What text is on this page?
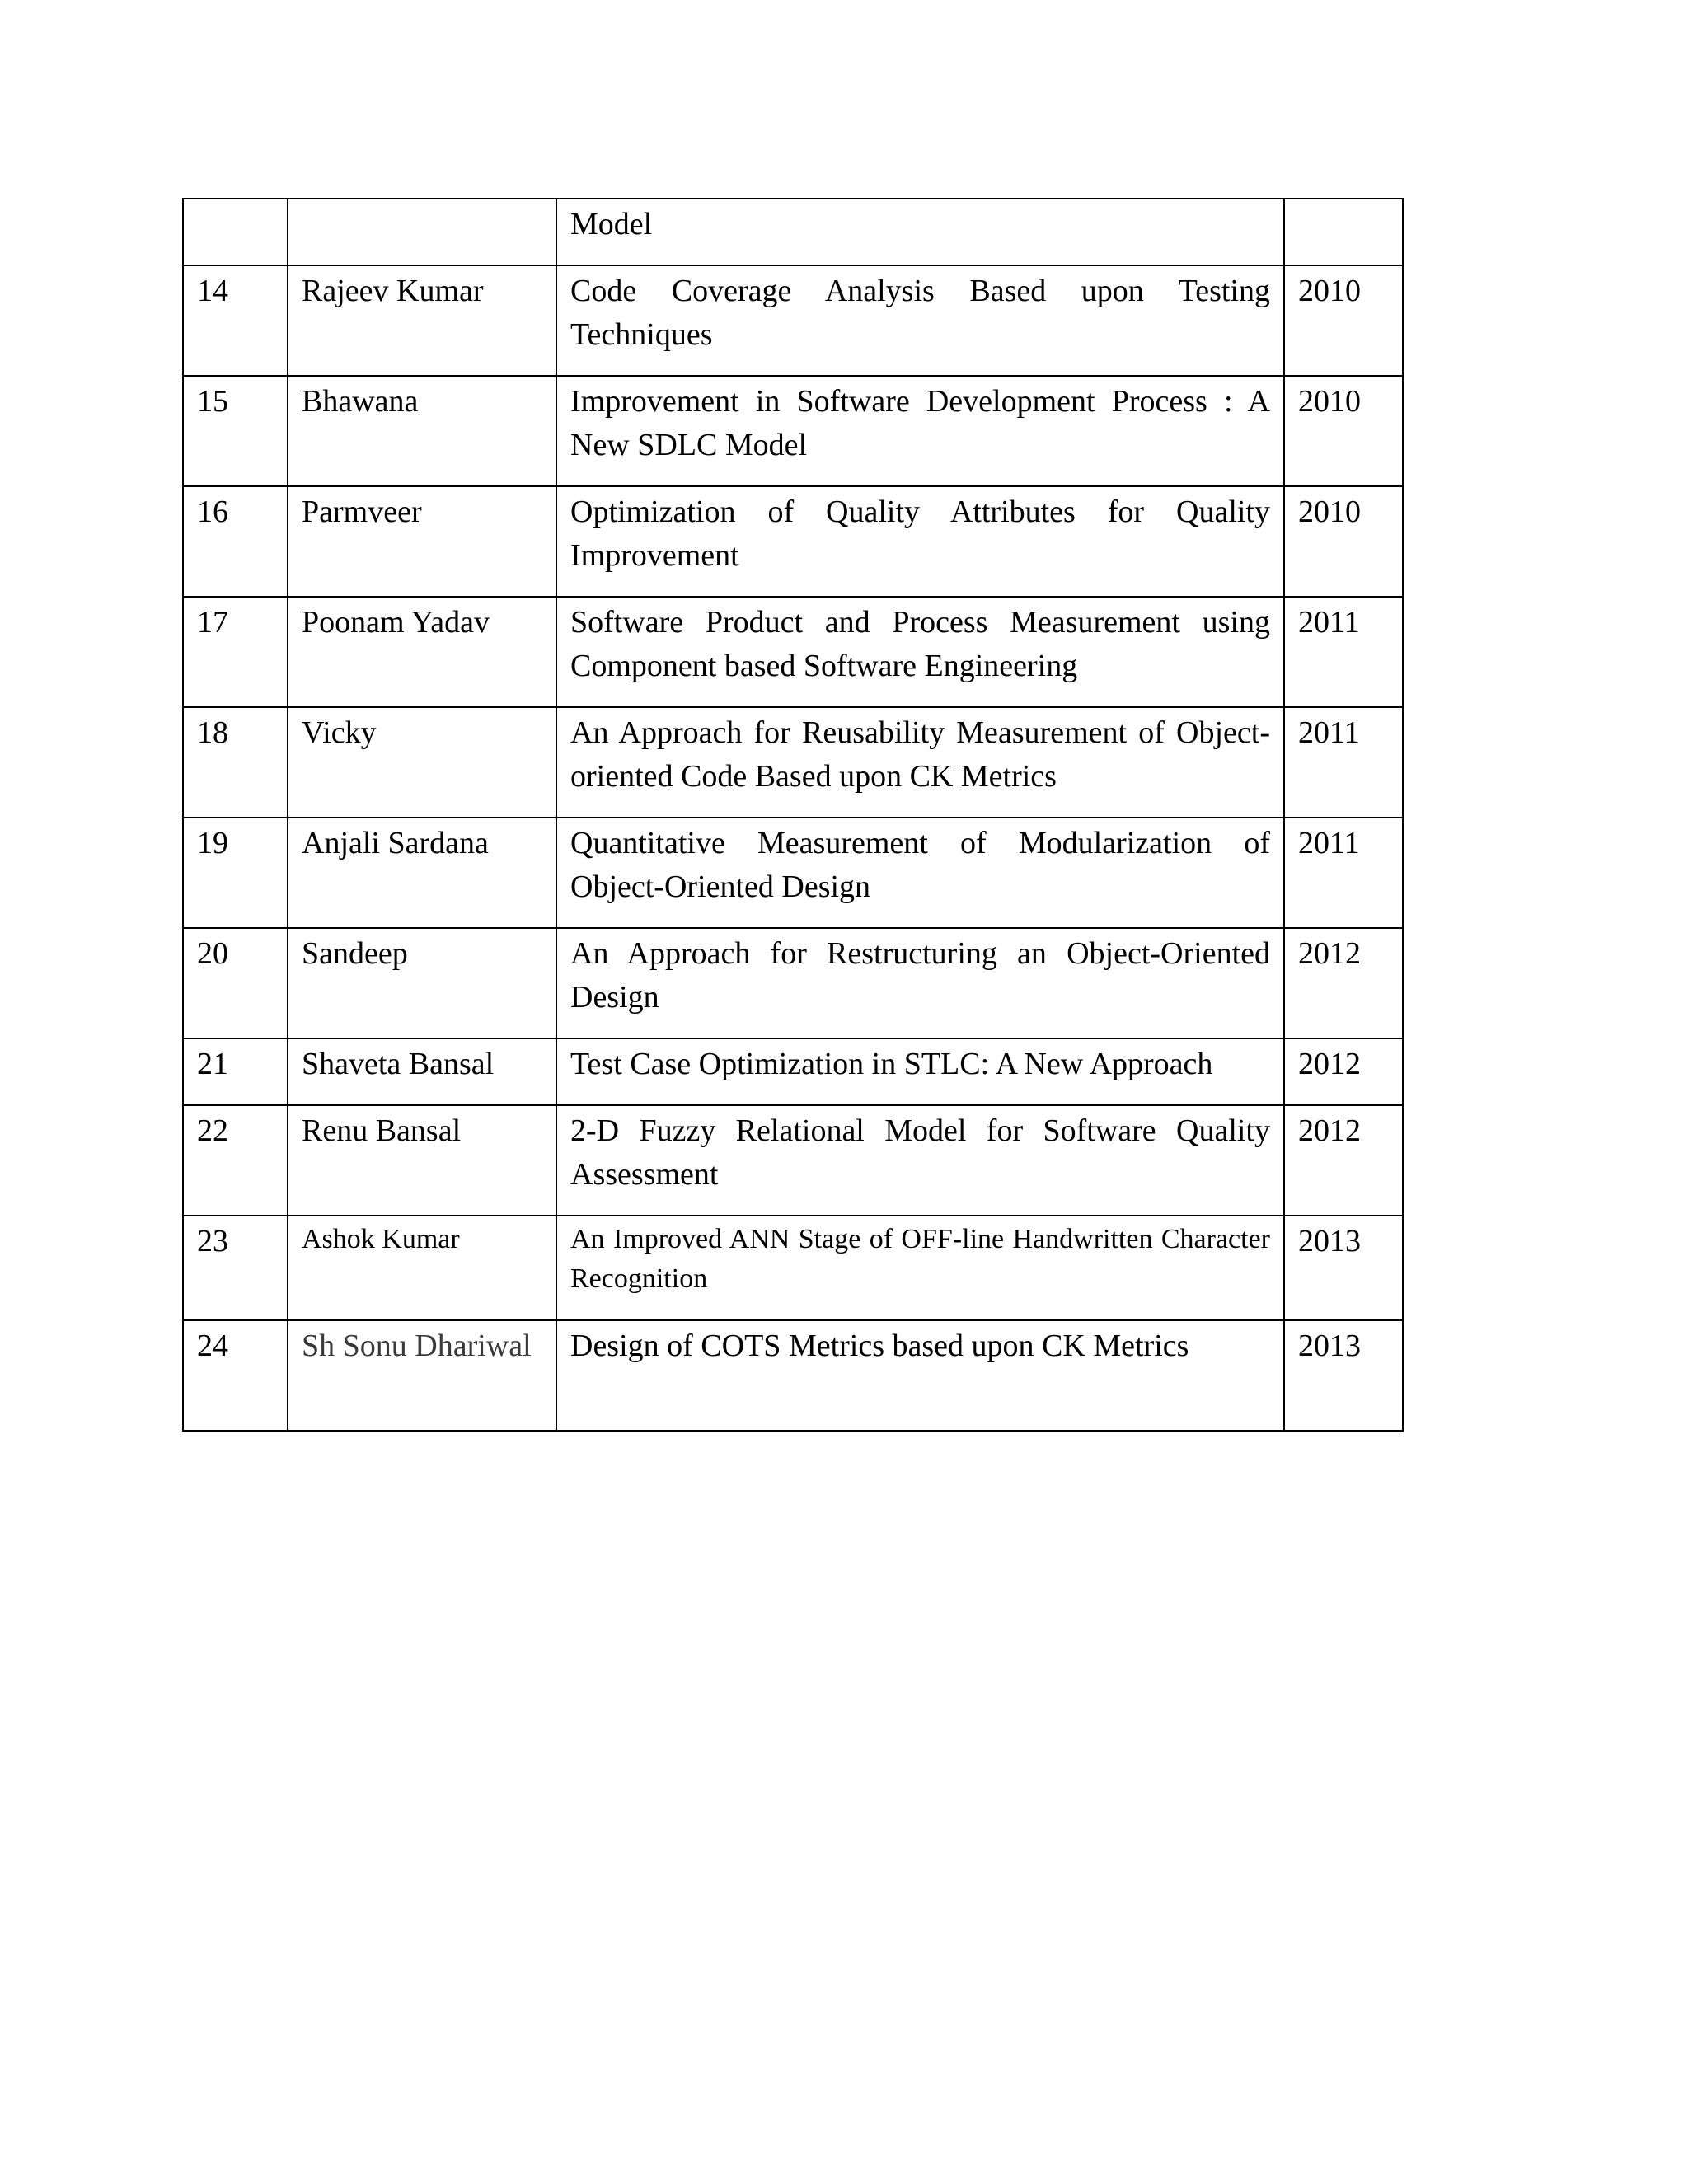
		Model	
14	Rajeev Kumar	Code Coverage Analysis Based upon Testing Techniques	2010
15	Bhawana	Improvement in Software Development Process : A New SDLC Model	2010
16	Parmveer	Optimization of Quality Attributes for Quality Improvement	2010
17	Poonam Yadav	Software Product and Process Measurement using Component based Software Engineering	2011
18	Vicky	An Approach for Reusability Measurement of Object-oriented Code Based upon CK Metrics	2011
19	Anjali Sardana	Quantitative Measurement of Modularization of Object-Oriented Design	2011
20	Sandeep	An Approach for Restructuring an Object-Oriented Design	2012
21	Shaveta Bansal	Test Case Optimization in STLC: A New Approach	2012
22	Renu Bansal	2-D Fuzzy Relational Model for Software Quality Assessment	2012
23	Ashok Kumar	An Improved ANN Stage of OFF-line Handwritten Character Recognition	2013
24	Sh Sonu Dhariwal	Design of COTS Metrics based upon CK Metrics	2013
